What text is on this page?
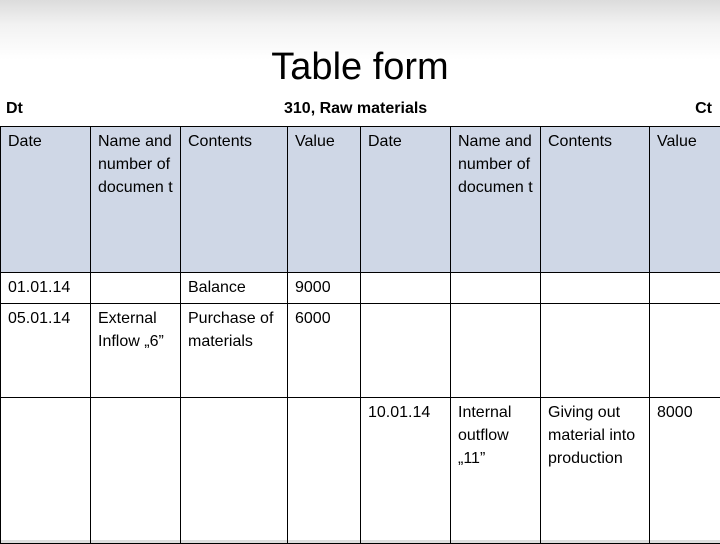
Table form
Dt	310, Raw materials	Ct
Date	Name and number of documen t	Contents	Value	Date	Name and number of documen t	Contents	Value
01.01.14		Balance	9000				
05.01.14	External Inflow „6”	Purchase of materials	6000				
				10.01.14	Internal outflow „11”	Giving out material into production	8000
